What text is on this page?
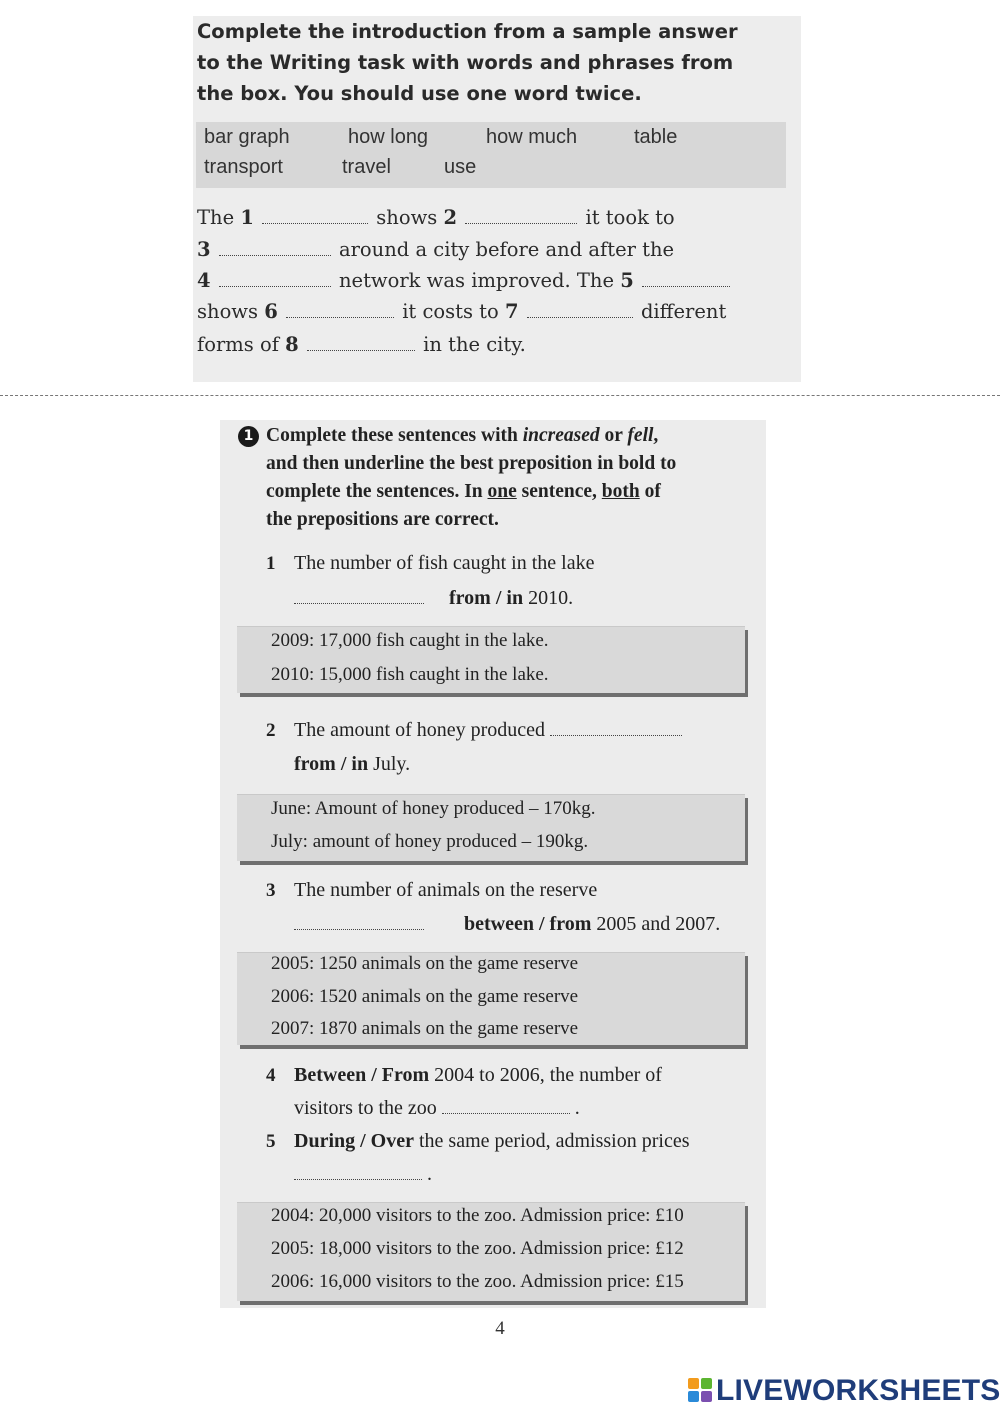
Complete the introduction from a sample answer
to the Writing task with words and phrases from
the box. You should use one word twice.
bar graph	how long	how much	table
transport	travel	use
The 1	shows 2	it took to
3	around a city before and after the
4	network was improved. The 5
shows 6	it costs to 7	different
forms of 8	in the city.
1 Complete these sentences with increased or fell,
and then underline the best preposition in bold to
complete the sentences. In one sentence, both of
the prepositions are correct.
1 The number of fish caught in the lake
from / in 2010.
2009: 17,000 fish caught in the lake.
2010: 15,000 fish caught in the lake.
2 The amount of honey produced
from / in July.
June: Amount of honey produced – 170kg.
July: amount of honey produced – 190kg.
3 The number of animals on the reserve
between / from 2005 and 2007.
2005: 1250 animals on the game reserve
2006: 1520 animals on the game reserve
2007: 1870 animals on the game reserve
4 Between / From 2004 to 2006, the number of
visitors to the zoo	.
5 During / Over the same period, admission prices
.
2004: 20,000 visitors to the zoo. Admission price: £10
2005: 18,000 visitors to the zoo. Admission price: £12
2006: 16,000 visitors to the zoo. Admission price: £15
4
LIVEWORKSHEETS
